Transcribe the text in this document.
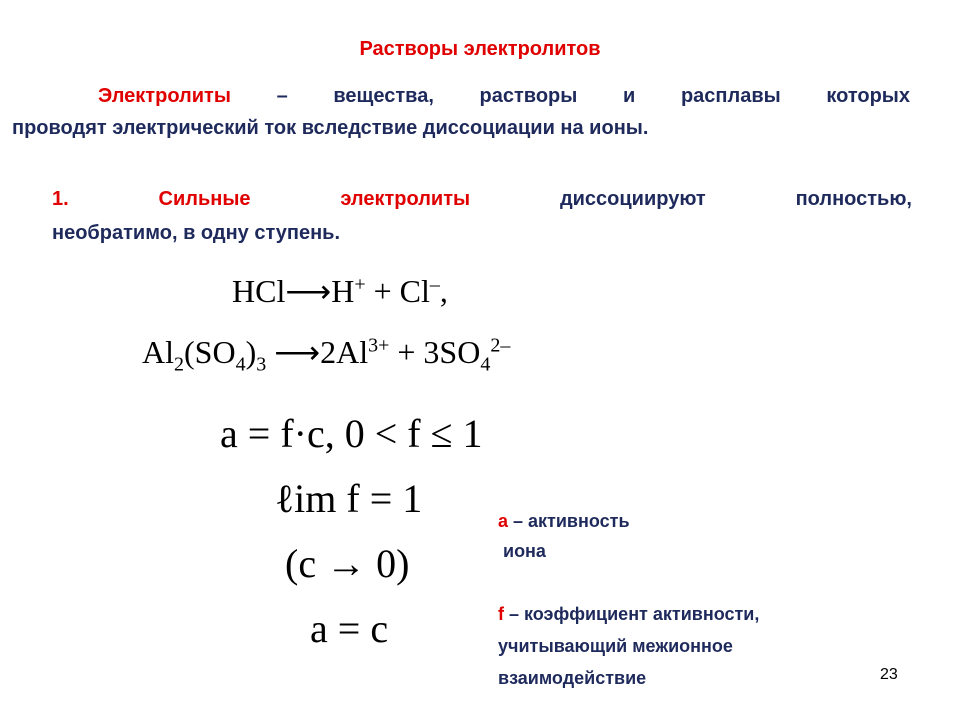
Растворы электролитов
Электролиты – вещества, растворы и расплавы которых
проводят электрический ток вследствие диссоциации на ионы.
1.	Сильные	электролиты	диссоциируют	полностью,
необратимо, в одну ступень.
HCl⟶H+ + Cl–,
$Al_2(SO_4)_3$ $⟶2Al^{3+} + 3SO_4^{2-}$
a = f·c, 0 < f ≤ 1
ℓim f = 1
(c → 0)
a = c
a – активность
иона
f – коэффициент активности,
учитывающий межионное
взаимодействие	23
